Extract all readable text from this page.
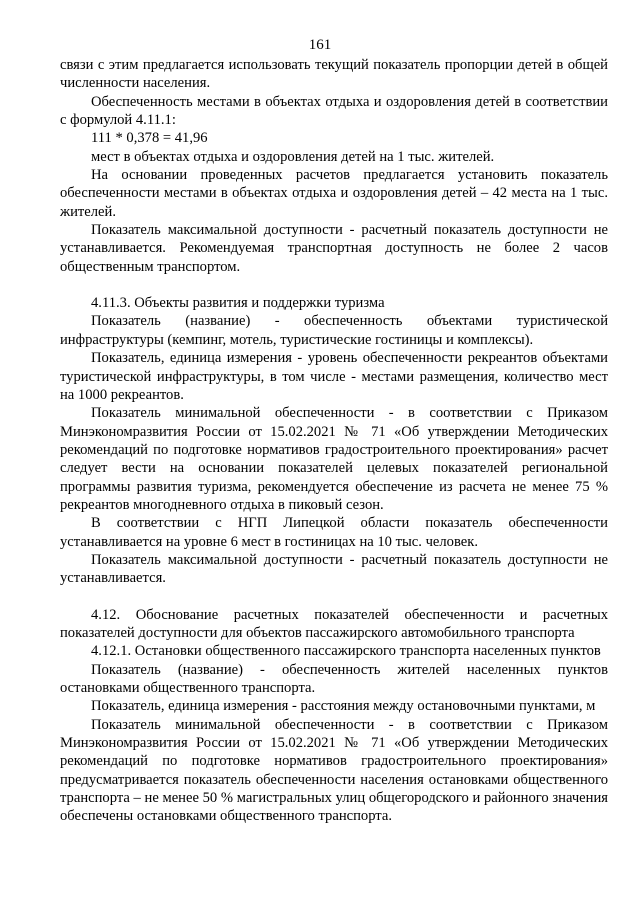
161

связи с этим предлагается использовать текущий показатель пропорции детей в общей численности населения.

Обеспеченность местами в объектах отдыха и оздоровления детей в соответствии с формулой 4.11.1:

111 * 0,378 = 41,96

мест в объектах отдыха и оздоровления детей на 1 тыс. жителей.

На основании проведенных расчетов предлагается установить показатель обеспеченности местами в объектах отдыха и оздоровления детей – 42 места на 1 тыс. жителей.

Показатель максимальной доступности - расчетный показатель доступности не устанавливается. Рекомендуемая транспортная доступность не более 2 часов общественным транспортом.

4.11.3. Объекты развития и поддержки туризма

Показатель (название) - обеспеченность объектами туристической инфраструктуры (кемпинг, мотель, туристические гостиницы и комплексы).

Показатель, единица измерения - уровень обеспеченности рекреантов объектами туристической инфраструктуры, в том числе - местами размещения, количество мест на 1000 рекреантов.

Показатель минимальной обеспеченности - в соответствии с Приказом Минэкономразвития России от 15.02.2021 № 71 «Об утверждении Методических рекомендаций по подготовке нормативов градостроительного проектирования» расчет следует вести на основании показателей целевых показателей региональной программы развития туризма, рекомендуется обеспечение из расчета не менее 75 % рекреантов многодневного отдыха в пиковый сезон.

В соответствии с НГП Липецкой области показатель обеспеченности устанавливается на уровне 6 мест в гостиницах на 10 тыс. человек.

Показатель максимальной доступности - расчетный показатель доступности не устанавливается.

4.12. Обоснование расчетных показателей обеспеченности и расчетных показателей доступности для объектов пассажирского автомобильного транспорта

4.12.1. Остановки общественного пассажирского транспорта населенных пунктов

Показатель (название) - обеспеченность жителей населенных пунктов остановками общественного транспорта.

Показатель, единица измерения - расстояния между остановочными пунктами, м

Показатель минимальной обеспеченности - в соответствии с Приказом Минэкономразвития России от 15.02.2021 № 71 «Об утверждении Методических рекомендаций по подготовке нормативов градостроительного проектирования» предусматривается показатель обеспеченности населения остановками общественного транспорта – не менее 50 % магистральных улиц общегородского и районного значения обеспечены остановками общественного транспорта.
